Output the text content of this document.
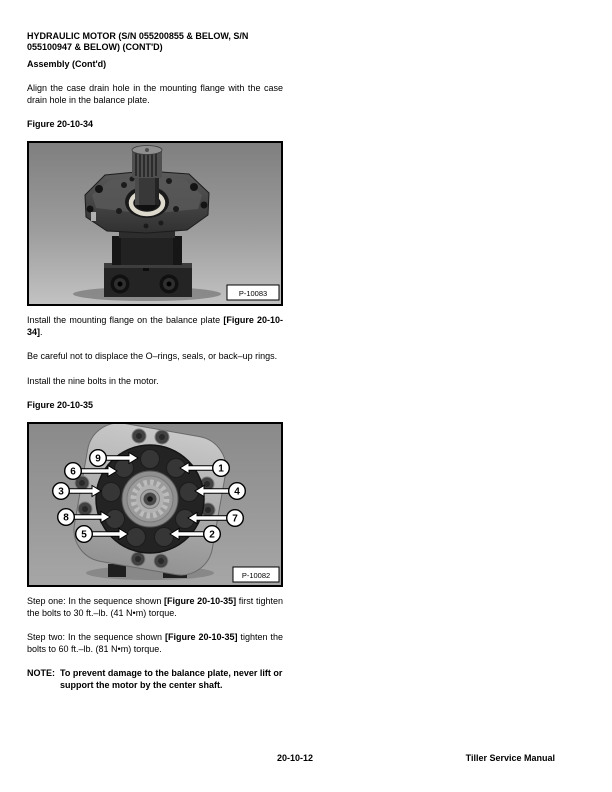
HYDRAULIC MOTOR (S/N 055200855 & BELOW, S/N 055100947 & BELOW) (CONT'D)
Assembly (Cont'd)

Align the case drain hole in the mounting flange with the case drain hole in the balance plate.

Figure 20-10-34
P-10083

Install the mounting flange on the balance plate [Figure 20-10-34].

Be careful not to displace the O–rings, seals, or back–up rings.

Install the nine bolts in the motor.

Figure 20-10-35
9
6	1
3	4
8	7
5	2
P-10082

Step one: In the sequence shown [Figure 20-10-35] first tighten the bolts to 30 ft.–lb. (41 N•m) torque.

Step two: In the sequence shown [Figure 20-10-35] tighten the bolts to 60 ft.–lb. (81 N•m) torque.

NOTE: To prevent damage to the balance plate, never lift or support the motor by the center shaft.

20-10-12	Tiller Service Manual
